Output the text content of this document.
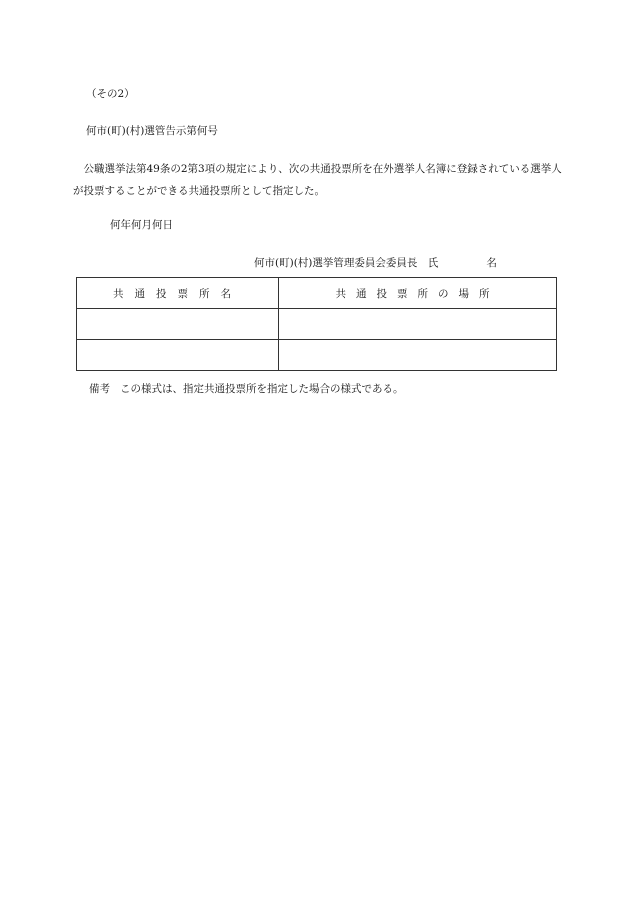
（その2）
何市(町)(村)選管告示第何号
　公職選挙法第49条の2第3項の規定により、次の共通投票所を在外選挙人名簿に登録されている選挙人が投票することができる共通投票所として指定した。
何年何月何日
何市(町)(村)選挙管理委員会委員長　氏	名
共通投票所名	共通投票所の場所

備考 この様式は、指定共通投票所を指定した場合の様式である。
